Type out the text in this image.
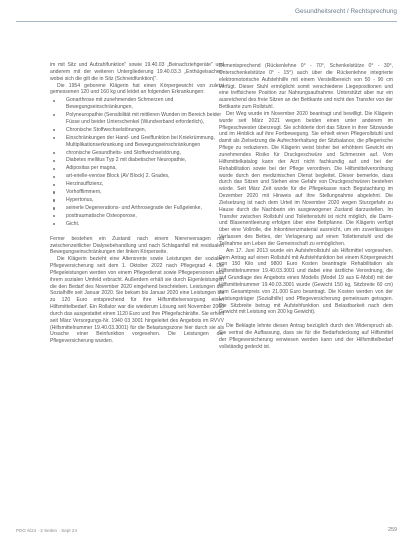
Gesundheitsrecht / Rechtsprechung

im mit Sitz und Aufzahlfunktion" sowie 19.40.03 „Beinachziehgeräte" und anderem mit der weiteren Untergliederung 19.40.03.3 „Enthügelsachen, wobei sich die gilt die in Sitz (Schneidfunktion)".

Die 1954 geborene Klägerin hat einen Körpergewicht von zuletzt gemessenen 120 und 160 kg und leidet an folgenden Erkrankungen:

Gonarthrose mit zunehmenden Schmerzen und Bewegungseinschränkungen,
Polyneuropathie (Sensibilität mit mittleren Wunden im Bereich beider Füsse und beider Unterschenkel (Wundverband erforderlich),
Chronische Stoffwechselstörungen,
Einschränkungen der Hand- und Greiffunktion bei Kniekrümmung, Multiplikationserkrankung und Bewegungseinschränkungen
chronische Gesundheits- und Stoffwechselstörung,
Diabetes mellitus Typ 2 mit diabetischer Neuropathie,
Adipositas per magna,
art-erielle-venöse Block (AV Block) 2. Grades,
Herzinsuffizienz,
Vorhofflimmern,
Hypertonus,
seinerle Degenerations- und Arthrosegrade der Fußgelenke,
posttraumatische Osteoporose,
Gicht.

Ferner bestehen ein Zustand nach einem Nierenversagen mit zwischenzeitlicher Dialysebehandlung und nach Schlaganfall mit residualen Bewegungseinschränkungen der linken Körperseite.

Die Klägerin bezieht eine Altersrente sowie Leistungen der sozialen Pflegeversicherung seit dem 1. Oktober 2022 nach Pflegegrad 4. Die Pflegeleistungen werden von einem Pflegedienst sowie Pflegepersonen aus ihrem sozialen Umfeld erbracht. Außerdem erhält sie durch Eigenleistungen die den Bedarf des November 2020 eingehend beschrieben. Leistungen der Sozialhilfe seit Januar 2020. Sie bekam bis Januar 2020 eine Leistungen bis zu 120 Euro entsprechend für ihre Hilfsmittelversorgung einen Hilfsmittelbedarf. Ein Rollator war die wiederum Lösung seit November 2000 durch das ausgestattet einen 1120 Euro und Ihre Pflegefachkräfte. Sie erhielt seit März Versorgungs-Nr. 1940 03 3001 hingeleitet des Angebots im RVVV (Hilfsmittelnummer 19.40.03.3001) für die Belastungszone hier durch sie als Ursache einer Beinfunktion vorgesehen. Die Leistungen der Pflegeversicherung wurden.

Dementsprechend (Rückenlehne 0° - 70°, Schenkelstütze 0° - 30°, Unterschenkelstütze 0° - 15°) auch über die Rückenlehne integrierte elektromotorische Aufstehhilfe mit einem Verstellbereich von 50 - 90 cm verfügt. Dieser Stuhl ermöglicht somit verschiedene Liegepositionen und eine treffsichere Position zur Nahrungsaufnahme. Unterstützt aber nur ein ausreichend des freie Sitzen an der Bettkante und nicht den Transfer von der Bettkante zum Rollstuhl.

Der Weg wurde im November 2020 beantragt und bewilligt. Die Klägerin wurde seit März 2021 wegen beiden einen unter anderem im Pflegeschwester überzeugt. Sie schilderte dort das Sitzen in ihrer Sitzwunde und im Hinblick auf ihre Fortbewegung. Sie erhielt einen Pflegerollstuhl und damit als Zielsetzung die Aufrechterhaltung der Sitzbalance, die pflegerische Pflege zu reduzieren. Die Klägerin weist bisher bei erhöhtem Gewicht ein zunehmendes Risiko für Druckgeschwüre und Schmerzen auf. Vom Hilfsmittelkatalog kann der Arzt nicht fachkundig auf und bei der Rehabilitation sowie bei der Pflege verordnen. Die Hilfsmittelverordnung wurde durch den medizinischen Dienst begleitet. Dieser bemerkte, dass durch das Sitzen und Stehen eine Gefahr von Druckgeschwüren bestehen würde. Seit März Zeit wurde für die Pflegekasse nach Begutachtung im Dezember 2020 mit Hinweis auf ihre Stellungnahme abgelehnt. Die Zielsetzung ist nach dem Urteil im November 2020 wegen Sturzgefahr zu Hause durch die Nachbarin ein ausgewogener Zustand darzustellen. Im Transfer zwischen Rollstuhl und Toilettenstuhl ist nicht möglich, die Darm- und Blasenentleerung erfolgen über eine Bettpfanne. Die Klägerin verfügt über eine Vollrolle, die Inkontinenzmaterial ausreicht, um ein zuverlässiges Verlassen des Bettes, der Verlagerung auf einen Toilettenstuhl und die Teilnahme am Leben der Gemeinschaft zu ermöglichen.

Am 17. Juni 2013 wurde ein Aufstehrollstuhl als Hilfsmittel vorgesehen. Dem Antrag auf einen Rollstuhl mit Aufstehfunktion bei einem Körpergewicht von 150 Kilo und 9800 Euro Kosten beantragte Rehabilitation als Hilfsmittelnummer 19.40.03.3001 und dabei eine ärztliche Verordnung, die auf Grundlage des Angebots eines Modells (Model 19 aus E-Mobil) mit der Hilfsmittelnummer 19.40.03.3001 wurde (Gewicht 150 kg, Sitzbreite 60 cm) zum Gesamtpreis von 21.000 Euro beantragt. Die Kosten werden von der Leistungsträger (Sozialhilfe) und Pflegeversicherung gemeinsam getragen. Die Sitzbreite betrug mit Aufstehfunktion und Belastbarkeit nach dem Gewicht mit Leistung von 200 kg Gewicht).

Die Beklagte lehnte diesen Antrag bezüglich durch den Widerspruch ab. Sie vertrat die Auffassung, dass sie für die Bedarfsdeckung auf Hilfsmittel der Pflegeversicherung verwiesen werden kann und der Hilfsmittelbedarf vollständig gedeckt ist.

PDG 6/24 · 2 Seiten · Sept 24	259
